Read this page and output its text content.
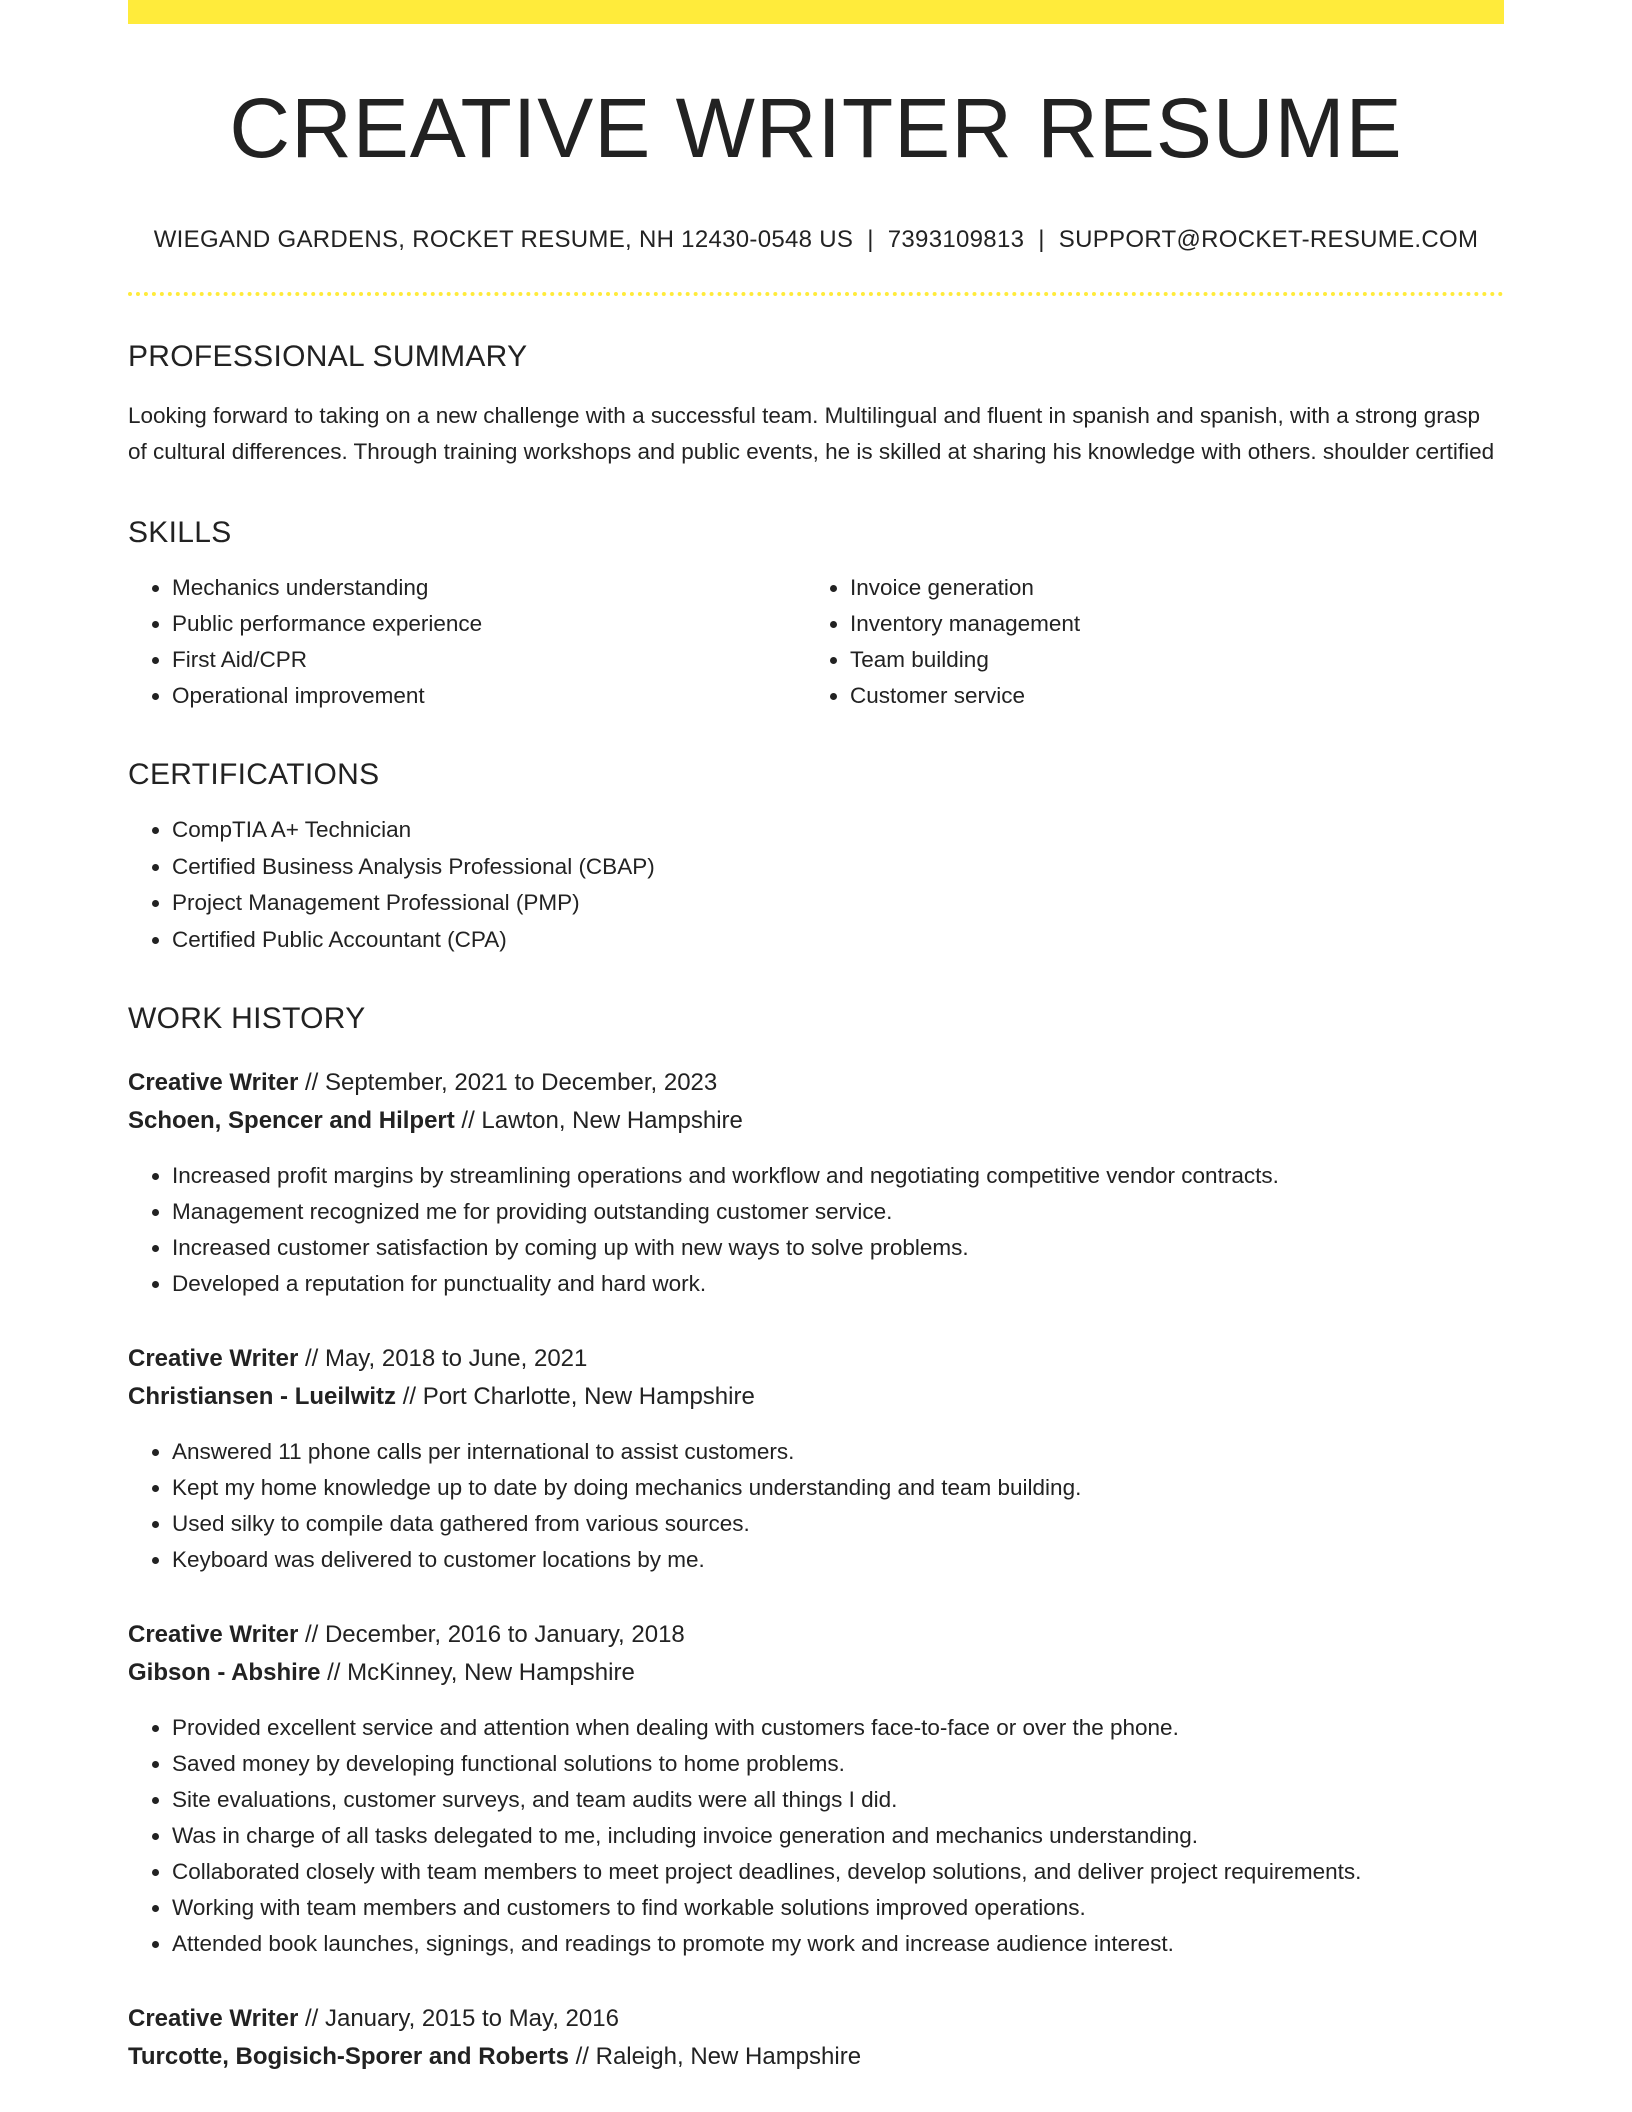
CREATIVE WRITER RESUME
WIEGAND GARDENS, ROCKET RESUME, NH 12430-0548 US | 7393109813 | SUPPORT@ROCKET-RESUME.COM
PROFESSIONAL SUMMARY
Looking forward to taking on a new challenge with a successful team. Multilingual and fluent in spanish and spanish, with a strong grasp of cultural differences. Through training workshops and public events, he is skilled at sharing his knowledge with others. shoulder certified
SKILLS
• Mechanics understanding
• Public performance experience
• First Aid/CPR
• Operational improvement
• Invoice generation
• Inventory management
• Team building
• Customer service
CERTIFICATIONS
• CompTIA A+ Technician
• Certified Business Analysis Professional (CBAP)
• Project Management Professional (PMP)
• Certified Public Accountant (CPA)
WORK HISTORY
Creative Writer // September, 2021 to December, 2023
Schoen, Spencer and Hilpert // Lawton, New Hampshire
• Increased profit margins by streamlining operations and workflow and negotiating competitive vendor contracts.
• Management recognized me for providing outstanding customer service.
• Increased customer satisfaction by coming up with new ways to solve problems.
• Developed a reputation for punctuality and hard work.
Creative Writer // May, 2018 to June, 2021
Christiansen - Lueilwitz // Port Charlotte, New Hampshire
• Answered 11 phone calls per international to assist customers.
• Kept my home knowledge up to date by doing mechanics understanding and team building.
• Used silky to compile data gathered from various sources.
• Keyboard was delivered to customer locations by me.
Creative Writer // December, 2016 to January, 2018
Gibson - Abshire // McKinney, New Hampshire
• Provided excellent service and attention when dealing with customers face-to-face or over the phone.
• Saved money by developing functional solutions to home problems.
• Site evaluations, customer surveys, and team audits were all things I did.
• Was in charge of all tasks delegated to me, including invoice generation and mechanics understanding.
• Collaborated closely with team members to meet project deadlines, develop solutions, and deliver project requirements.
• Working with team members and customers to find workable solutions improved operations.
• Attended book launches, signings, and readings to promote my work and increase audience interest.
Creative Writer // January, 2015 to May, 2016
Turcotte, Bogisich-Sporer and Roberts // Raleigh, New Hampshire
